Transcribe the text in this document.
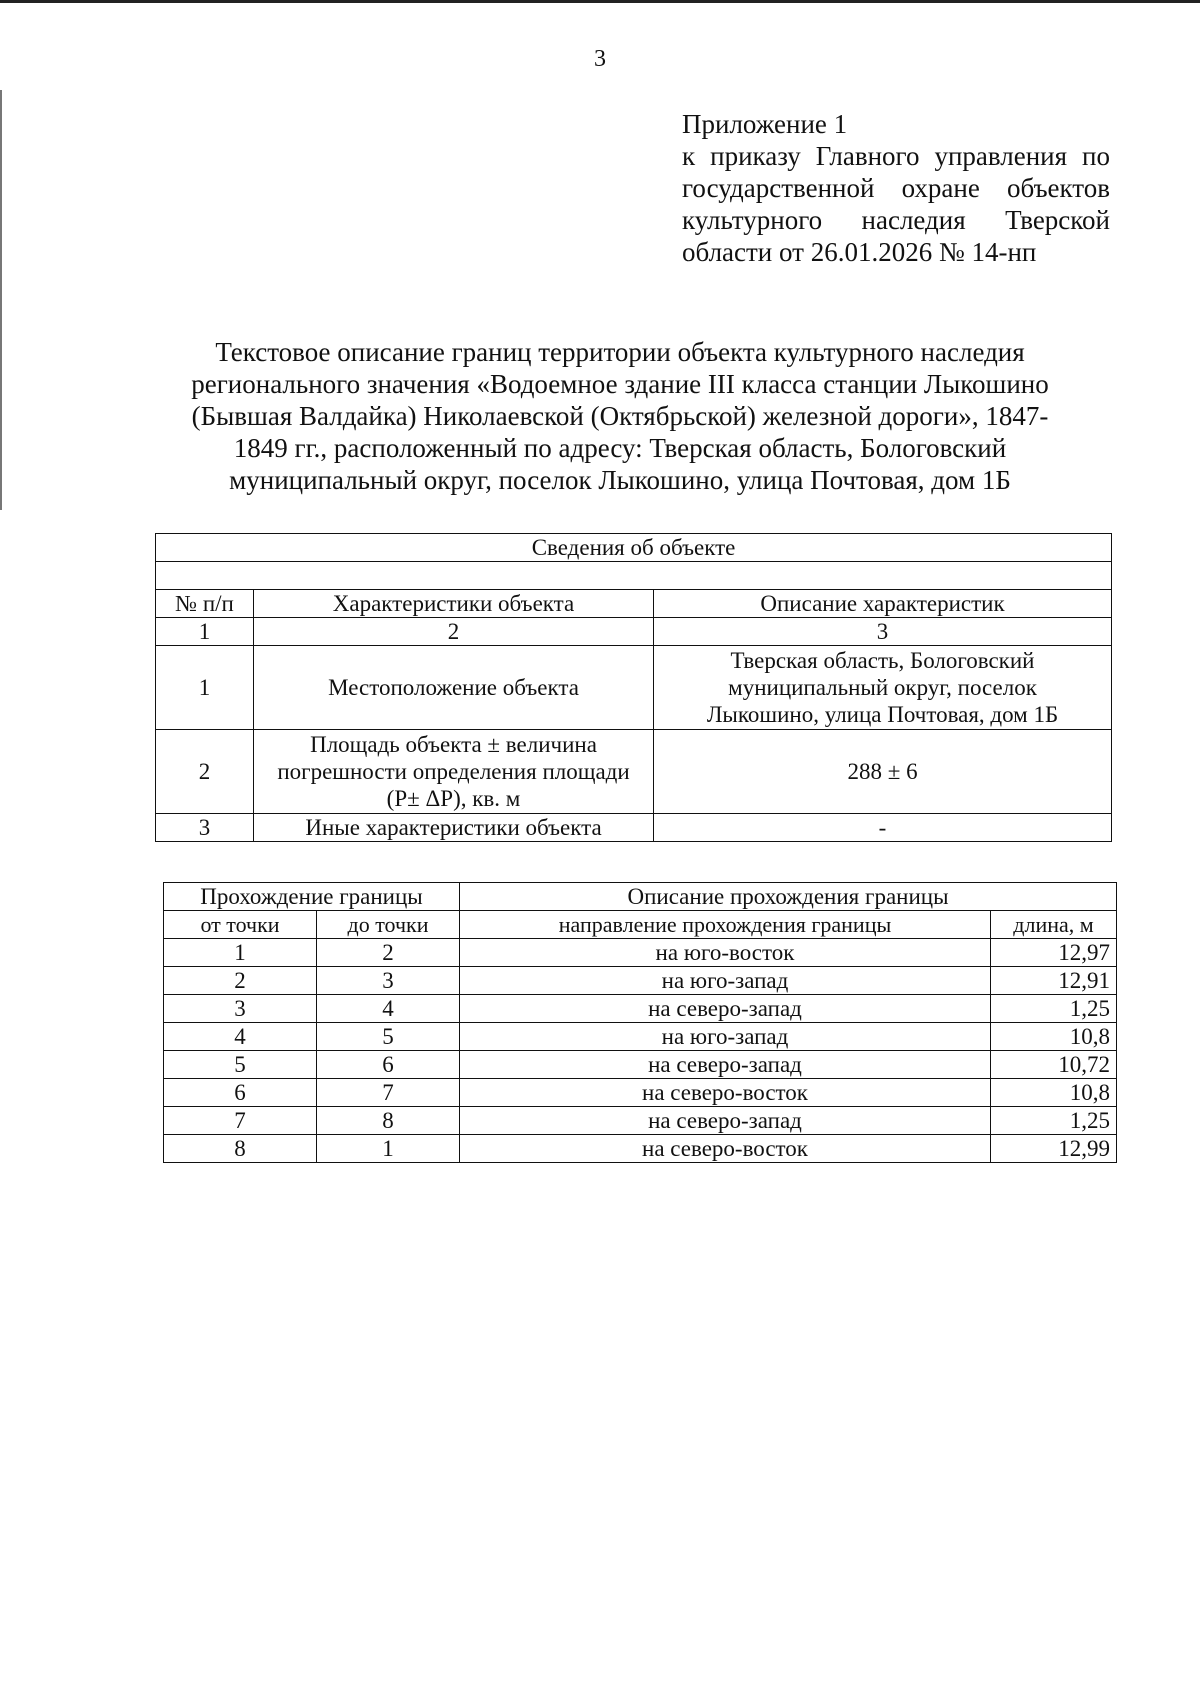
3
Приложение 1
к приказу Главного управления по
государственной охране объектов
культурного наследия Тверской
области от 26.01.2026 № 14-нп
Текстовое описание границ территории объекта культурного наследия
регионального значения «Водоемное здание III класса станции Лыкошино
(Бывшая Валдайка) Николаевской (Октябрьской) железной дороги», 1847-
1849 гг., расположенный по адресу: Тверская область, Бологовский
муниципальный округ, поселок Лыкошино, улица Почтовая, дом 1Б
Сведения об объекте		

№ п/п	Характеристики объекта	Описание характеристик
1	2	3
1	Местоположение объекта	Тверская область, Бологовский
муниципальный округ, поселок
Лыкошино, улица Почтовая, дом 1Б

2	Площадь объекта ± величина
погрешности определения площади
(P± ΔP), кв. м	288 ± 6

3	Иные характеристики объекта	-
Прохождение границы		Описание прохождения границы	
от точки	до точки	направление прохождения границы	длина, м
1	2	на юго-восток	12,97
2	3	на юго-запад	12,91
3	4	на северо-запад	1,25
4	5	на юго-запад	10,8
5	6	на северо-запад	10,72
6	7	на северо-восток	10,8
7	8	на северо-запад	1,25
8	1	на северо-восток	12,99
